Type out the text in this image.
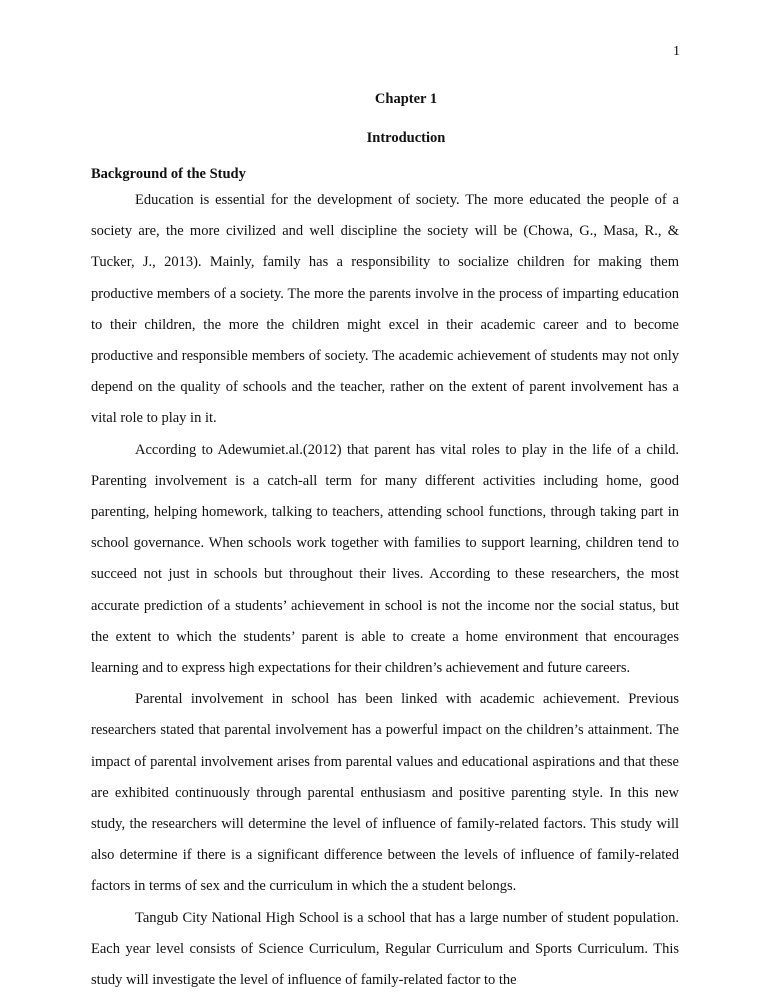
1
Chapter 1
Introduction
Background of the Study

Education is essential for the development of society. The more educated the people of a society are, the more civilized and well discipline the society will be (Chowa, G., Masa, R., & Tucker, J., 2013). Mainly, family has a responsibility to socialize children for making them productive members of a society. The more the parents involve in the process of imparting education to their children, the more the children might excel in their academic career and to become productive and responsible members of society. The academic achievement of students may not only depend on the quality of schools and the teacher, rather on the extent of parent involvement has a vital role to play in it.

According to Adewumiet.al.(2012) that parent has vital roles to play in the life of a child. Parenting involvement is a catch-all term for many different activities including home, good parenting, helping homework, talking to teachers, attending school functions, through taking part in school governance. When schools work together with families to support learning, children tend to succeed not just in schools but throughout their lives. According to these researchers, the most accurate prediction of a students’ achievement in school is not the income nor the social status, but the extent to which the students’ parent is able to create a home environment that encourages learning and to express high expectations for their children’s achievement and future careers.

Parental involvement in school has been linked with academic achievement. Previous researchers stated that parental involvement has a powerful impact on the children’s attainment. The impact of parental involvement arises from parental values and educational aspirations and that these are exhibited continuously through parental enthusiasm and positive parenting style. In this new study, the researchers will determine the level of influence of family-related factors. This study will also determine if there is a significant difference between the levels of influence of family-related factors in terms of sex and the curriculum in which the a student belongs.

Tangub City National High School is a school that has a large number of student population. Each year level consists of Science Curriculum, Regular Curriculum and Sports Curriculum. This study will investigate the level of influence of family-related factor to the
